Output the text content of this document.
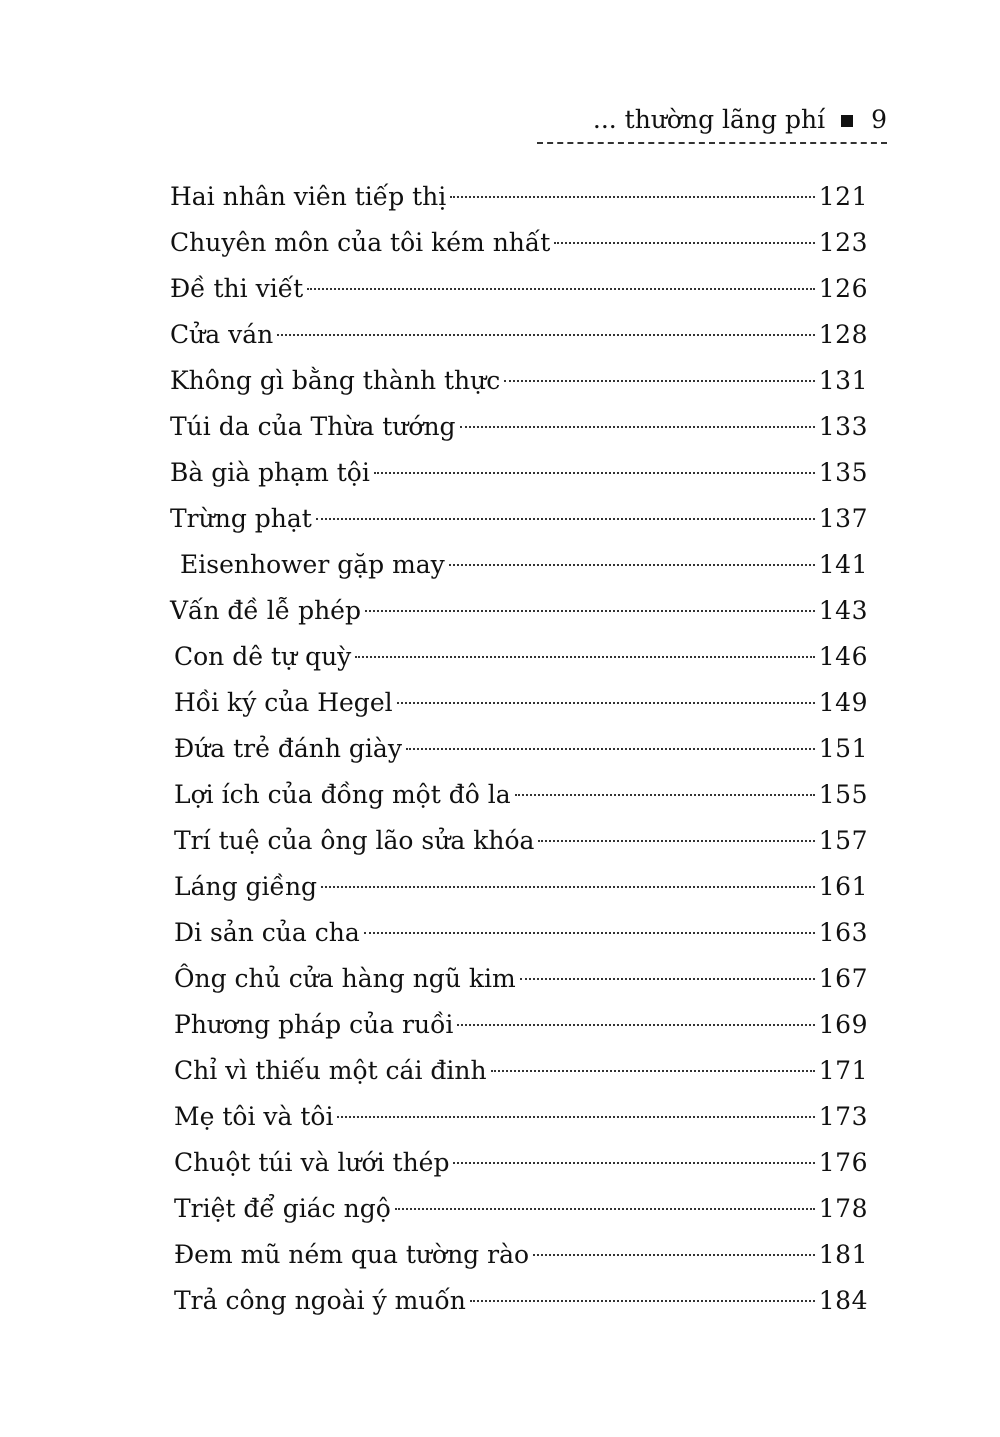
... thường lãng phí 9
Hai nhân viên tiếp thị	121
Chuyên môn của tôi kém nhất	123
Đề thi viết	126
Cửa ván	128
Không gì bằng thành thực	131
Túi da của Thừa tướng	133
Bà già phạm tội	135
Trừng phạt	137
Eisenhower gặp may	141
Vấn đề lễ phép	143
Con dê tự quỳ	146
Hồi ký của Hegel	149
Đứa trẻ đánh giày	151
Lợi ích của đồng một đô la	155
Trí tuệ của ông lão sửa khóa	157
Láng giềng	161
Di sản của cha	163
Ông chủ cửa hàng ngũ kim	167
Phương pháp của ruồi	169
Chỉ vì thiếu một cái đinh	171
Mẹ tôi và tôi	173
Chuột túi và lưới thép	176
Triệt để giác ngộ	178
Đem mũ ném qua tường rào	181
Trả công ngoài ý muốn	184
